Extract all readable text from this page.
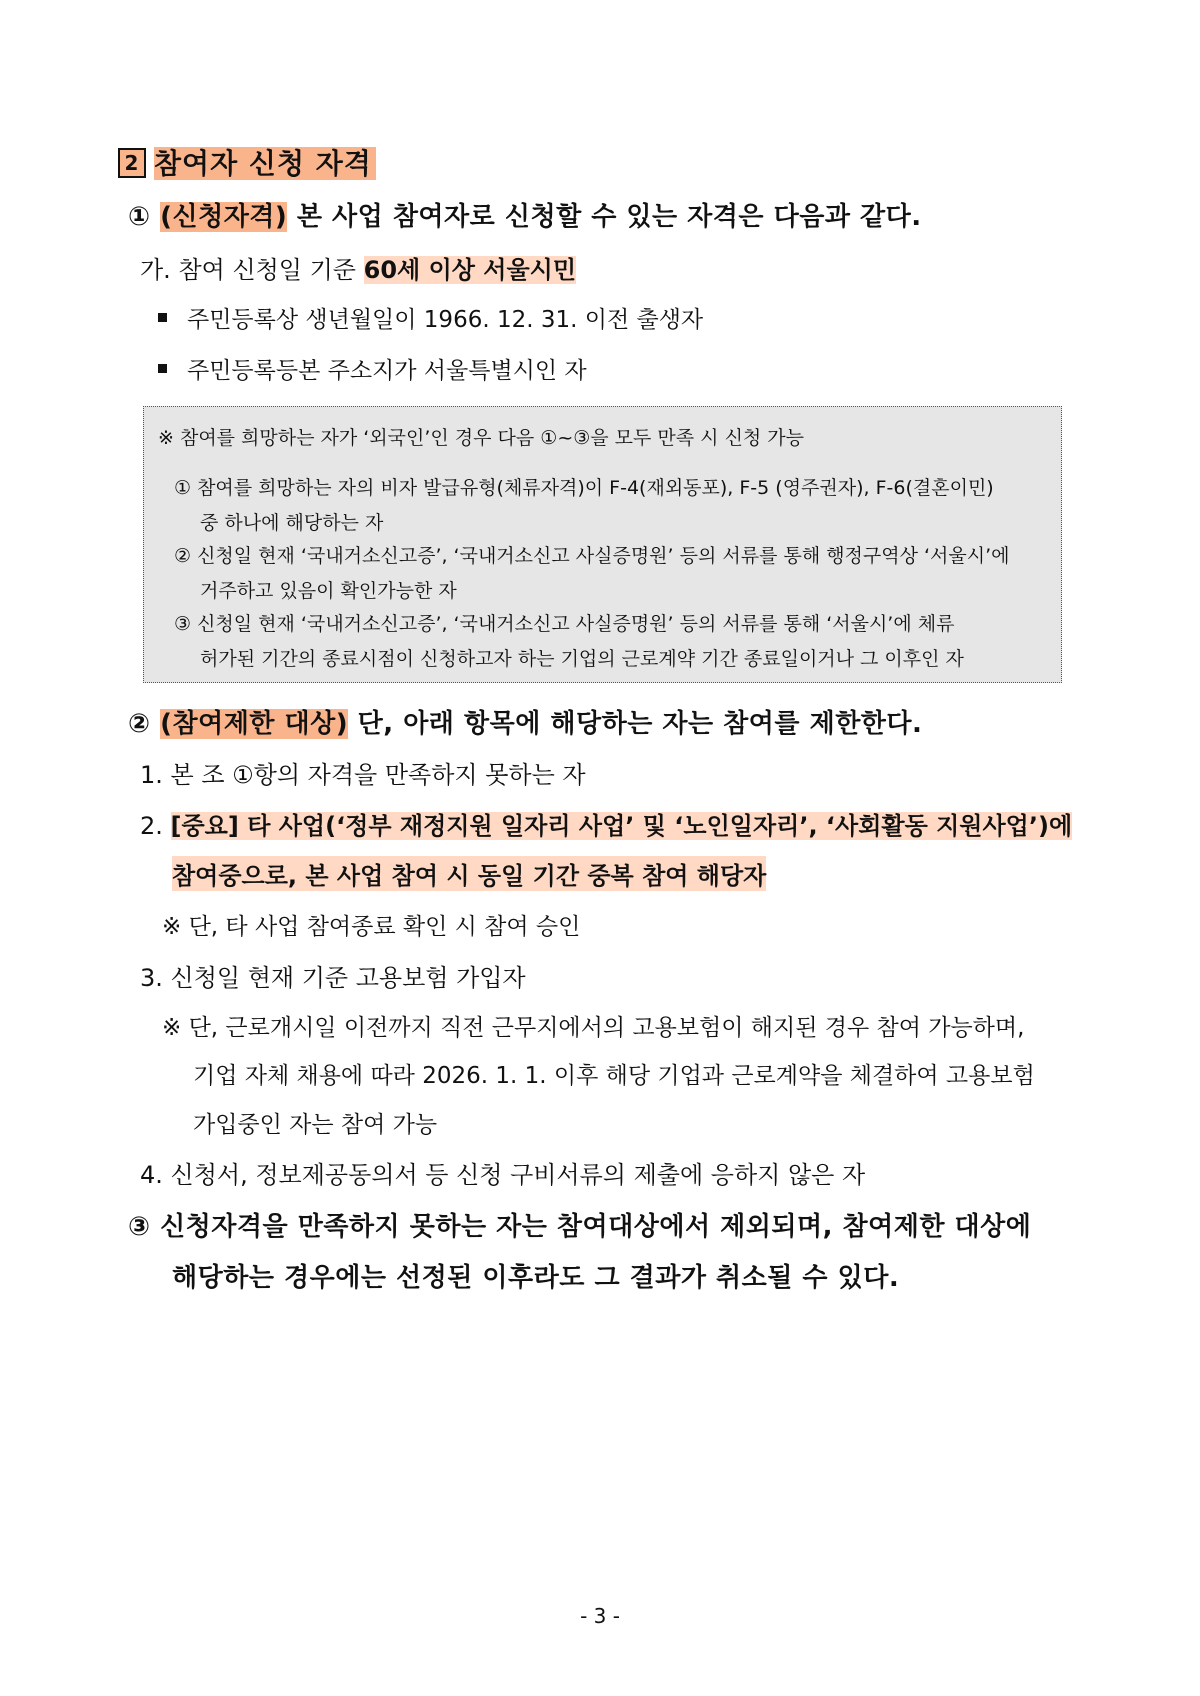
2 참여자 신청 자격
① (신청자격) 본 사업 참여자로 신청할 수 있는 자격은 다음과 같다.
가. 참여 신청일 기준 60세 이상 서울시민
주민등록상 생년월일이 1966. 12. 31. 이전 출생자
주민등록등본 주소지가 서울특별시인 자
※ 참여를 희망하는 자가 ‘외국인’인 경우 다음 ①~③을 모두 만족 시 신청 가능
① 참여를 희망하는 자의 비자 발급유형(체류자격)이 F-4(재외동포), F-5 (영주권자), F-6(결혼이민)
중 하나에 해당하는 자
② 신청일 현재 ‘국내거소신고증’, ‘국내거소신고 사실증명원’ 등의 서류를 통해 행정구역상 ‘서울시’에
거주하고 있음이 확인가능한 자
③ 신청일 현재 ‘국내거소신고증’, ‘국내거소신고 사실증명원’ 등의 서류를 통해 ‘서울시’에 체류
허가된 기간의 종료시점이 신청하고자 하는 기업의 근로계약 기간 종료일이거나 그 이후인 자
② (참여제한 대상) 단, 아래 항목에 해당하는 자는 참여를 제한한다.
1. 본 조 ①항의 자격을 만족하지 못하는 자
2. [중요] 타 사업(‘정부 재정지원 일자리 사업’ 및 ‘노인일자리’, ‘사회활동 지원사업’)에
참여중으로, 본 사업 참여 시 동일 기간 중복 참여 해당자
※ 단, 타 사업 참여종료 확인 시 참여 승인
3. 신청일 현재 기준 고용보험 가입자
※ 단, 근로개시일 이전까지 직전 근무지에서의 고용보험이 해지된 경우 참여 가능하며,
기업 자체 채용에 따라 2026. 1. 1. 이후 해당 기업과 근로계약을 체결하여 고용보험
가입중인 자는 참여 가능
4. 신청서, 정보제공동의서 등 신청 구비서류의 제출에 응하지 않은 자
③ 신청자격을 만족하지 못하는 자는 참여대상에서 제외되며, 참여제한 대상에
해당하는 경우에는 선정된 이후라도 그 결과가 취소될 수 있다.
- 3 -
